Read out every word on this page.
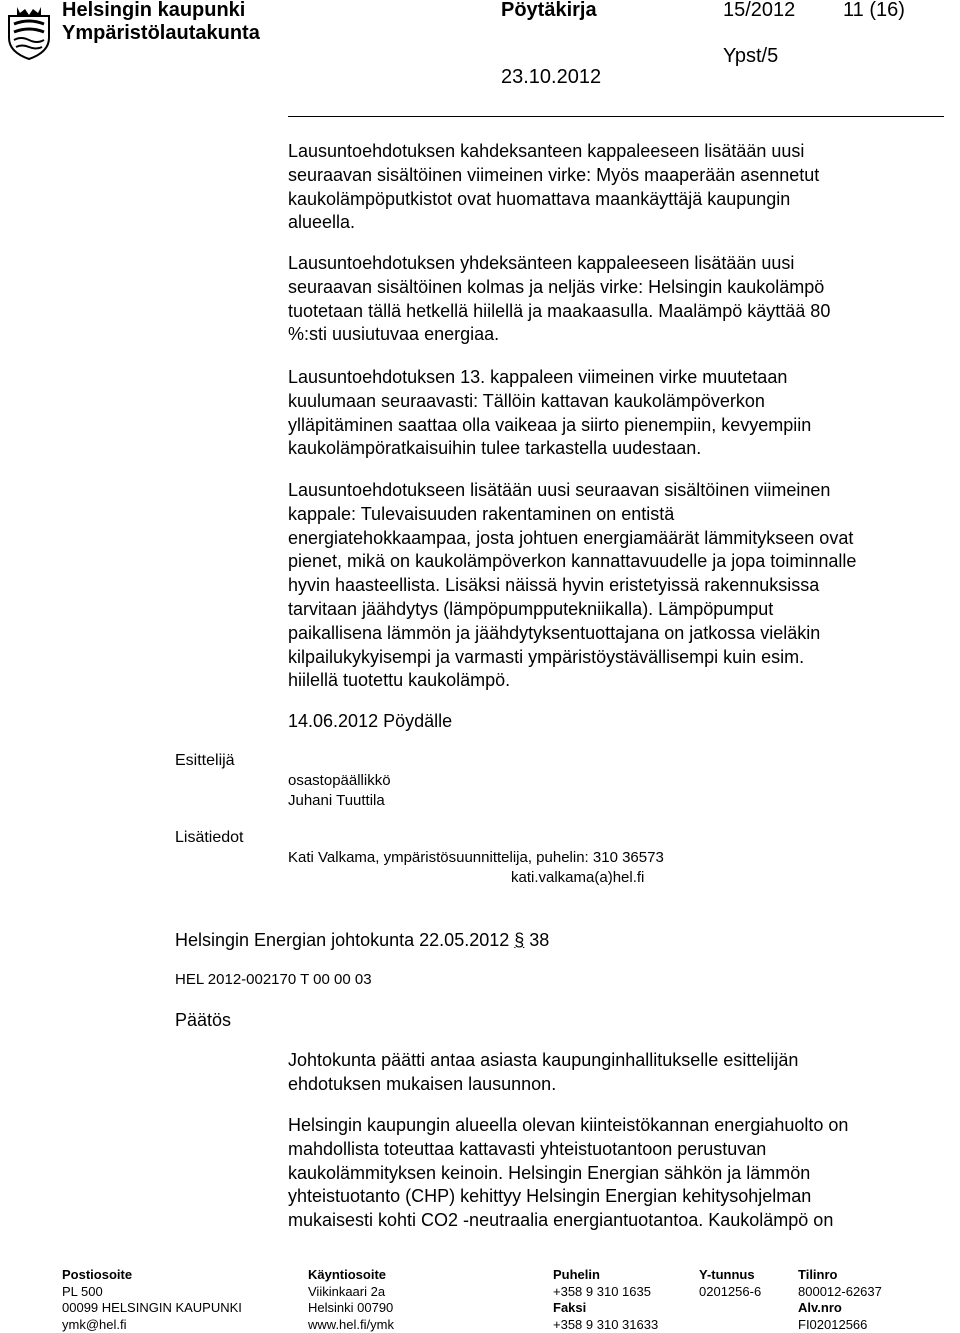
Helsingin kaupunki
Ympäristölautakunta
Pöytäkirja	15/2012 11 (16)
Ypst/5
23.10.2012
Lausuntoehdotuksen kahdeksanteen kappaleeseen lisätään uusi
seuraavan sisältöinen viimeinen virke: Myös maaperään asennetut
kaukolämpöputkistot ovat huomattava maankäyttäjä kaupungin
alueella.
Lausuntoehdotuksen yhdeksänteen kappaleeseen lisätään uusi
seuraavan sisältöinen kolmas ja neljäs virke: Helsingin kaukolämpö
tuotetaan tällä hetkellä hiilellä ja maakaasulla. Maalämpö käyttää 80
%:sti uusiutuvaa energiaa.
Lausuntoehdotuksen 13. kappaleen viimeinen virke muutetaan
kuulumaan seuraavasti: Tällöin kattavan kaukolämpöverkon
ylläpitäminen saattaa olla vaikeaa ja siirto pienempiin, kevyempiin
kaukolämpöratkaisuihin tulee tarkastella uudestaan.
Lausuntoehdotukseen lisätään uusi seuraavan sisältöinen viimeinen
kappale: Tulevaisuuden rakentaminen on entistä
energiatehokkaampaa, josta johtuen energiamäärät lämmitykseen ovat
pienet, mikä on kaukolämpöverkon kannattavuudelle ja jopa toiminnalle
hyvin haasteellista. Lisäksi näissä hyvin eristetyissä rakennuksissa
tarvitaan jäähdytys (lämpöpumpputekniikalla). Lämpöpumput
paikallisena lämmön ja jäähdytyksentuottajana on jatkossa vieläkin
kilpailukykyisempi ja varmasti ympäristöystävällisempi kuin esim.
hiilellä tuotettu kaukolämpö.
14.06.2012 Pöydälle
Esittelijä
osastopäällikkö
Juhani Tuuttila
Lisätiedot
Kati Valkama, ympäristösuunnittelija, puhelin: 310 36573
kati.valkama(a)hel.fi
Helsingin Energian johtokunta 22.05.2012 § 38
HEL 2012-002170 T 00 00 03
Päätös
Johtokunta päätti antaa asiasta kaupunginhallitukselle esittelijän
ehdotuksen mukaisen lausunnon.
Helsingin kaupungin alueella olevan kiinteistökannan energiahuolto on
mahdollista toteuttaa kattavasti yhteistuotantoon perustuvan
kaukolämmityksen keinoin. Helsingin Energian sähkön ja lämmön
yhteistuotanto (CHP) kehittyy Helsingin Energian kehitysohjelman
mukaisesti kohti CO2 -neutraalia energiantuotantoa. Kaukolämpö on
Postiosoite
PL 500
00099 HELSINGIN KAUPUNKI
ymk@hel.fi
Käyntiosoite
Viikinkaari 2a
Helsinki 00790
www.hel.fi/ymk
Puhelin
+358 9 310 1635
Faksi
+358 9 310 31633
Y-tunnus
0201256-6
Tilinro
800012-62637
Alv.nro
FI02012566
